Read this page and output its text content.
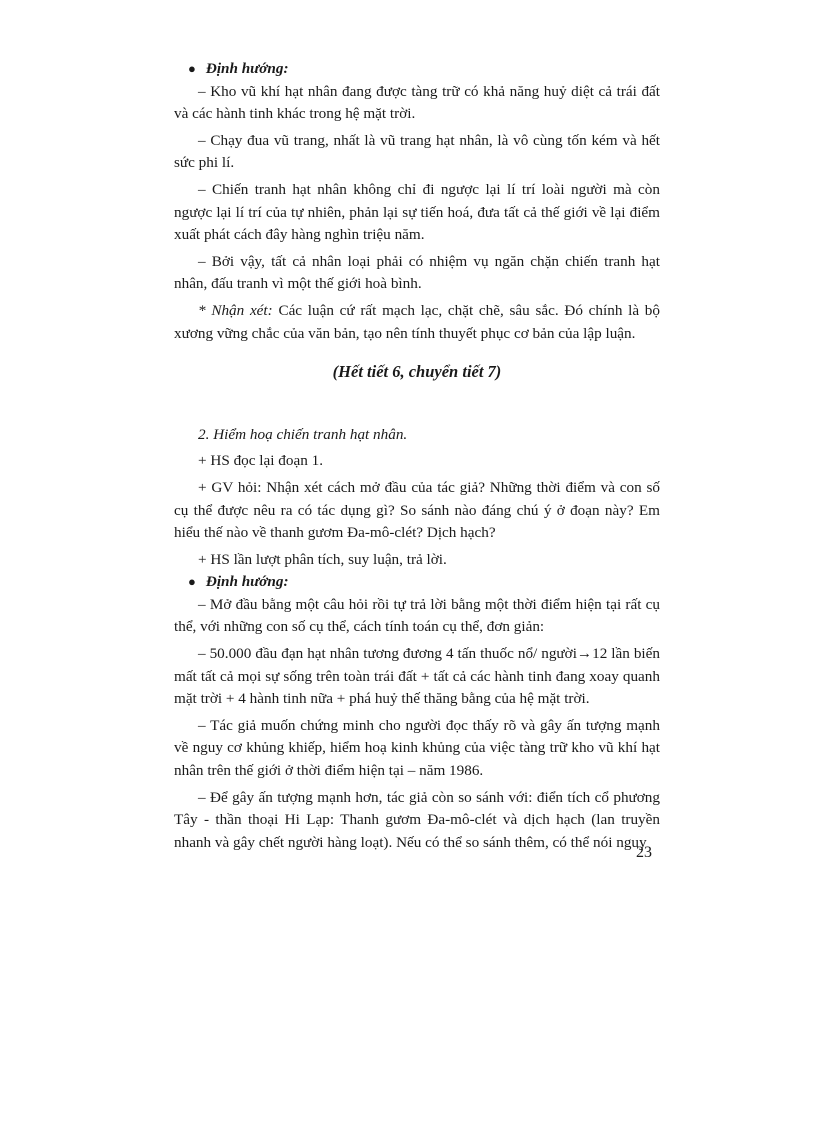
● Định hướng:

– Kho vũ khí hạt nhân đang được tàng trữ có khả năng huỷ diệt cả trái đất và các hành tinh khác trong hệ mặt trời.

– Chạy đua vũ trang, nhất là vũ trang hạt nhân, là vô cùng tốn kém và hết sức phi lí.

– Chiến tranh hạt nhân không chỉ đi ngược lại lí trí loài người mà còn ngược lại lí trí của tự nhiên, phản lại sự tiến hoá, đưa tất cả thế giới về lại điểm xuất phát cách đây hàng nghìn triệu năm.

– Bởi vậy, tất cả nhân loại phải có nhiệm vụ ngăn chặn chiến tranh hạt nhân, đấu tranh vì một thế giới hoà bình.

* Nhận xét: Các luận cứ rất mạch lạc, chặt chẽ, sâu sắc. Đó chính là bộ xương vững chắc của văn bản, tạo nên tính thuyết phục cơ bản của lập luận.

(Hết tiết 6, chuyển tiết 7)

2. Hiểm hoạ chiến tranh hạt nhân.

+ HS đọc lại đoạn 1.

+ GV hỏi: Nhận xét cách mở đầu của tác giả? Những thời điểm và con số cụ thể được nêu ra có tác dụng gì? So sánh nào đáng chú ý ở đoạn này? Em hiểu thế nào về thanh gươm Đa-mô-clét? Dịch hạch?

+ HS lần lượt phân tích, suy luận, trả lời.

● Định hướng:

– Mở đầu bằng một câu hỏi rồi tự trả lời bằng một thời điểm hiện tại rất cụ thể, với những con số cụ thể, cách tính toán cụ thể, đơn giản:

– 50.000 đầu đạn hạt nhân tương đương 4 tấn thuốc nổ/ người→12 lần biến mất tất cả mọi sự sống trên toàn trái đất + tất cả các hành tinh đang xoay quanh mặt trời + 4 hành tinh nữa + phá huỷ thế thăng bằng của hệ mặt trời.

– Tác giả muốn chứng minh cho người đọc thấy rõ và gây ấn tượng mạnh về nguy cơ khủng khiếp, hiểm hoạ kinh khủng của việc tàng trữ kho vũ khí hạt nhân trên thế giới ở thời điểm hiện tại – năm 1986.

– Để gây ấn tượng mạnh hơn, tác giả còn so sánh với: điển tích cổ phương Tây - thần thoại Hi Lạp: Thanh gươm Đa-mô-clét và dịch hạch (lan truyền nhanh và gây chết người hàng loạt). Nếu có thể so sánh thêm, có thể nói nguy

23
